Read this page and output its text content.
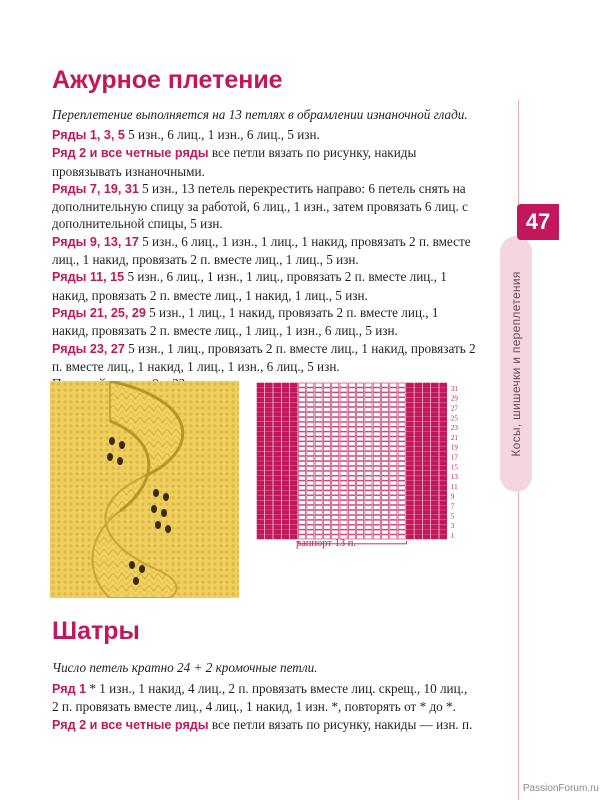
Ажурное плетение
Переплетение выполняется на 13 петлях в обрамлении изнаночной глади.

Ряды 1, 3, 5 5 изн., 6 лиц., 1 изн., 6 лиц., 5 изн.

Ряд 2 и все четные ряды все петли вязать по рисунку, накиды провязывать изнаночными.

Ряды 7, 19, 31 5 изн., 13 петель перекрестить направо: 6 петель снять на дополнительную спицу за работой, 6 лиц., 1 изн., затем провязать 6 лиц. с дополнительной спицы, 5 изн.

Ряды 9, 13, 17 5 изн., 6 лиц., 1 изн., 1 лиц., 1 накид, провязать 2 п. вместе лиц., 1 накид, провязать 2 п. вместе лиц., 1 лиц., 5 изн.

Ряды 11, 15 5 изн., 6 лиц., 1 изн., 1 лиц., провязать 2 п. вместе лиц., 1 накид, провязать 2 п. вместе лиц., 1 накид, 1 лиц., 5 изн.

Ряды 21, 25, 29 5 изн., 1 лиц., 1 накид, провязать 2 п. вместе лиц., 1 накид, провязать 2 п. вместе лиц., 1 лиц., 1 изн., 6 лиц., 5 изн.

Ряды 23, 27 5 изн., 1 лиц., провязать 2 п. вместе лиц., 1 накид, провязать 2 п. вместе лиц., 1 накид, 1 лиц., 1 изн., 6 лиц., 5 изн.

31
29
27
25
23
21
19
17
15
13
11
9
7
5
3
1
раппорт 13 п.
Шатры
Число петель кратно 24 + 2 кромочные петли.

Ряд 1 * 1 изн., 1 накид, 4 лиц., 2 п. провязать вместе лиц. скрещ., 10 лиц., 2 п. провязать вместе лиц., 4 лиц., 1 накид, 1 изн. *, повторять от * до *.

Ряд 2 и все четные ряды все петли вязать по рисунку, накиды — изн. п.

Косы, шишечки и переплетения
47
PassionForum.ru
